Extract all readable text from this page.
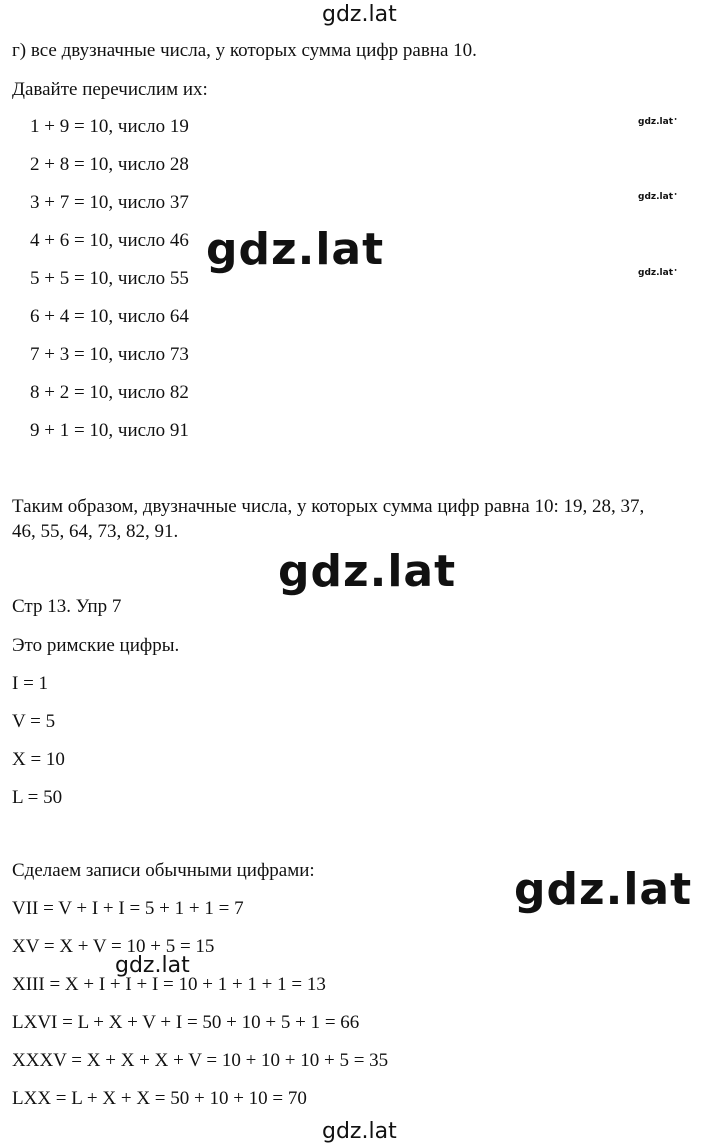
gdz.lat
gdz.lat •
gdz.lat •
gdz.lat •
г) все двузначные числа, у которых сумма цифр равна 10.
Давайте перечислим их:
1 + 9 = 10, число 19
2 + 8 = 10, число 28
3 + 7 = 10, число 37
4 + 6 = 10, число 46
5 + 5 = 10, число 55
6 + 4 = 10, число 64
7 + 3 = 10, число 73
8 + 2 = 10, число 82
9 + 1 = 10, число 91
gdz.lat
Таким образом, двузначные числа, у которых сумма цифр равна 10: 19, 28, 37,
46, 55, 64, 73, 82, 91.
gdz.lat
Стр 13. Упр 7
Это римские цифры.
I = 1
V = 5
X = 10
L = 50
Сделаем записи обычными цифрами:	gdz.lat
VII = V + I + I = 5 + 1 + 1 = 7
XV = X + V = 10 + 5 = 15
gdz.lat
XIII = X + I + I + I = 10 + 1 + 1 + 1 = 13
LXVI = L + X + V + I = 50 + 10 + 5 + 1 = 66
XXXV = X + X + X + V = 10 + 10 + 10 + 5 = 35
LXX = L + X + X = 50 + 10 + 10 = 70
gdz.lat
